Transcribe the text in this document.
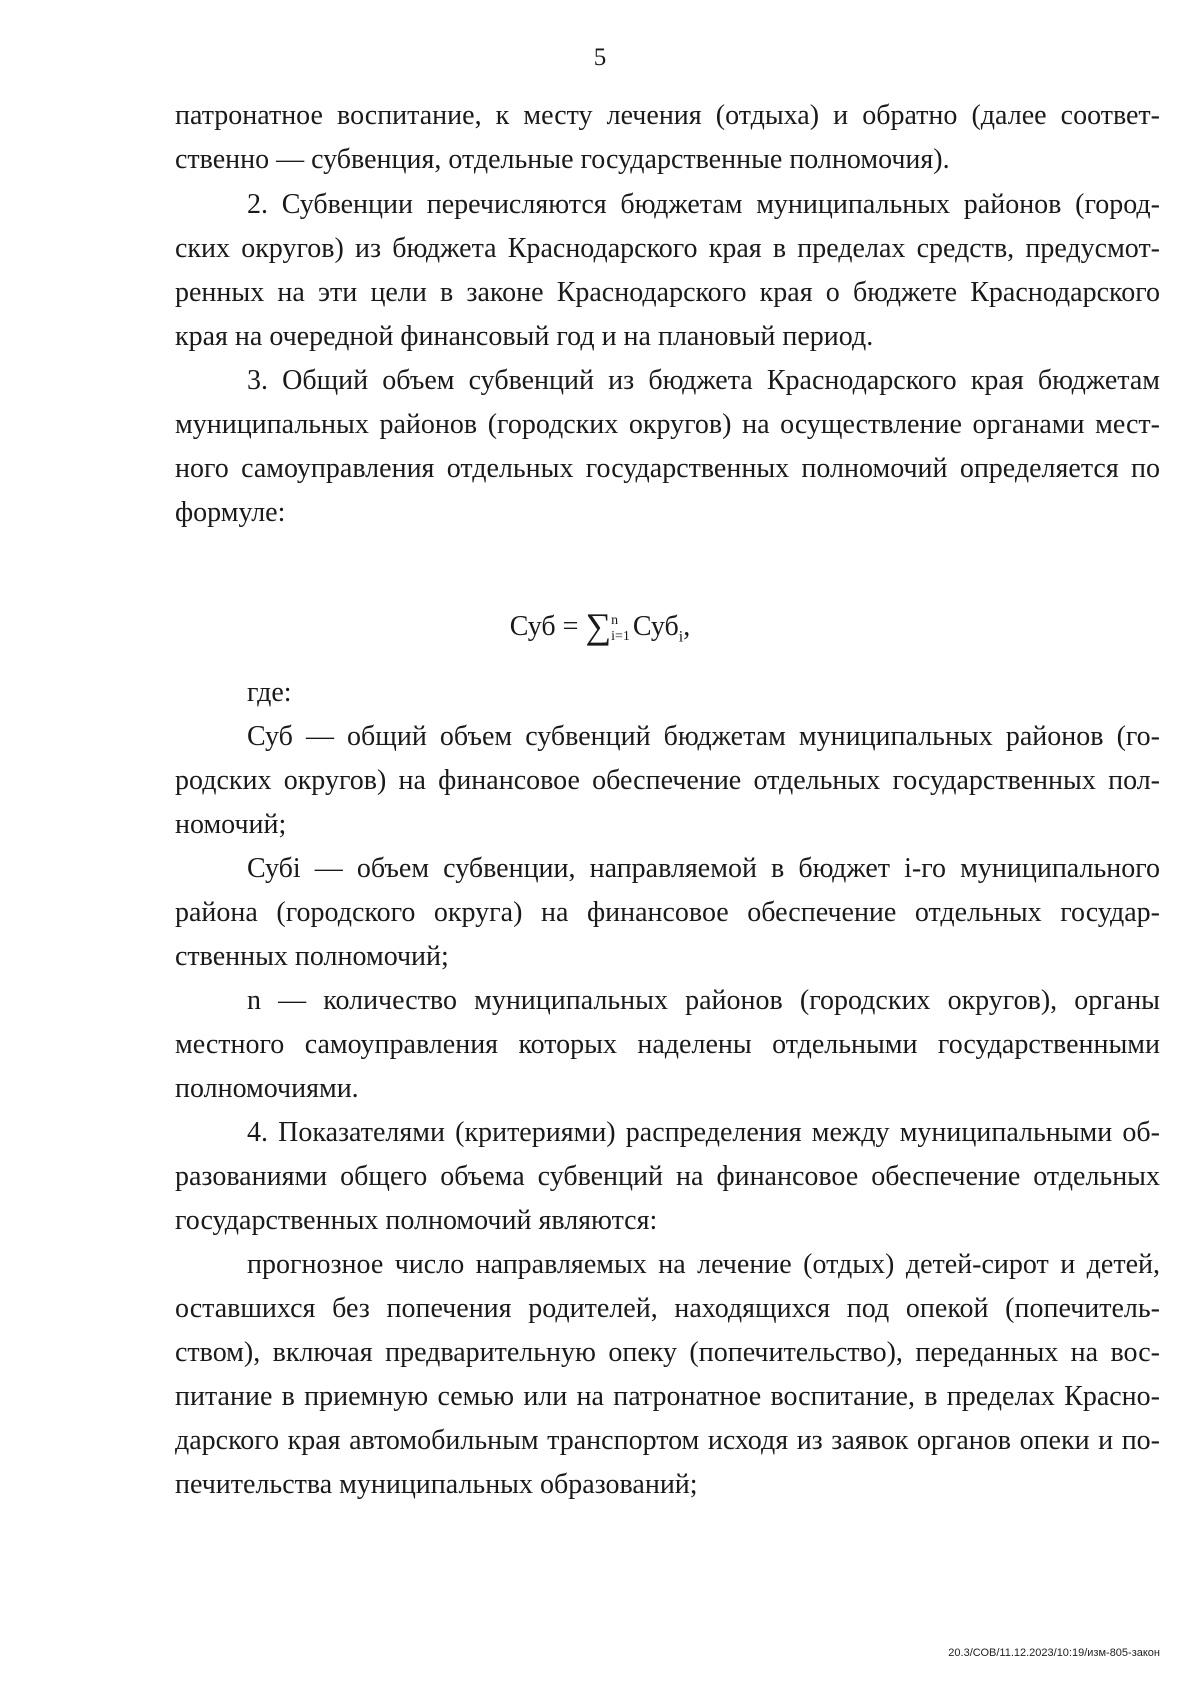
5
патронатное воспитание, к месту лечения (отдыха) и обратно (далее соответ-
ственно — субвенция, отдельные государственные полномочия).
2. Субвенции перечисляются бюджетам муниципальных районов (город-
ских округов) из бюджета Краснодарского края в пределах средств, предусмот-
ренных на эти цели в законе Краснодарского края о бюджете Краснодарского
края на очередной финансовый год и на плановый период.
3. Общий объем субвенций из бюджета Краснодарского края бюджетам
муниципальных районов (городских округов) на осуществление органами мест-
ного самоуправления отдельных государственных полномочий определяется по
формуле:
Суб = ∑n
i=1 Суб$_i$,
где:
Суб — общий объем субвенций бюджетам муниципальных районов (го-
родских округов) на финансовое обеспечение отдельных государственных пол-
номочий;
Субi — объем субвенции, направляемой в бюджет i-го муниципального
района (городского округа) на финансовое обеспечение отдельных государ-
ственных полномочий;
n — количество муниципальных районов (городских округов), органы
местного самоуправления которых наделены отдельными государственными
полномочиями.
4. Показателями (критериями) распределения между муниципальными об-
разованиями общего объема субвенций на финансовое обеспечение отдельных
государственных полномочий являются:
прогнозное число направляемых на лечение (отдых) детей-сирот и детей,
оставшихся без попечения родителей, находящихся под опекой (попечитель-
ством), включая предварительную опеку (попечительство), переданных на вос-
питание в приемную семью или на патронатное воспитание, в пределах Красно-
дарского края автомобильным транспортом исходя из заявок органов опеки и по-
печительства муниципальных образований;
20.3/СОВ/11.12.2023/10:19/изм-805-закон
